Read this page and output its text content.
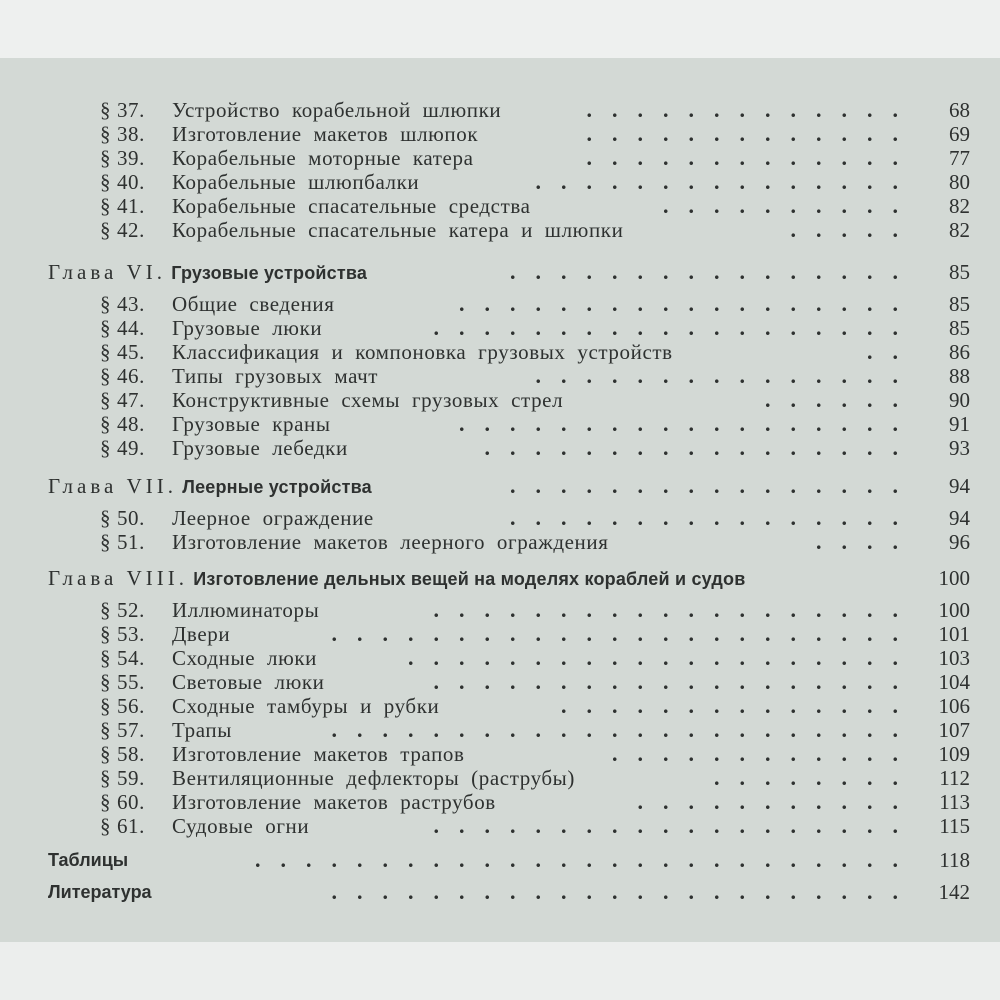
§ 37. Устройство корабельной шлюпки	.............	68
§ 38. Изготовление макетов шлюпок	.............	69
§ 39. Корабельные моторные катера	.............	77
§ 40. Корабельные шлюпбалки	...............	80
§ 41. Корабельные спасательные средства	..........	82
§ 42. Корабельные спасательные катера и шлюпки	.....	82
Глава VI. Грузовые устройства	................	85
§ 43. Общие сведения	..................	85
§ 44. Грузовые люки	...................	85
§ 45. Классификация и компоновка грузовых устройств	..	86
§ 46. Типы грузовых мачт	...............	88
§ 47. Конструктивные схемы грузовых стрел	......	90
§ 48. Грузовые краны	..................	91
§ 49. Грузовые лебедки	.................	93
Глава VII. Леерные устройства	................	94
§ 50. Леерное ограждение	................	94
§ 51. Изготовление макетов леерного ограждения	....	96
Глава VIII. Изготовление дельных вещей на моделях кораблей и судов	100
§ 52. Иллюминаторы	................... 100
§ 53. Двери	....................... 101
§ 54. Сходные люки	.................... 103
§ 55. Световые люки	................... 104
§ 56. Сходные тамбуры и рубки	.............. 106
§ 57. Трапы	....................... 107
§ 58. Изготовление макетов трапов	............ 109
§ 59. Вентиляционные дефлекторы (раструбы)	........	112
§ 60. Изготовление макетов раструбов	...........	113
§ 61. Судовые огни	...................	115
Таблицы	..........................	118
Литература	....................... 142
